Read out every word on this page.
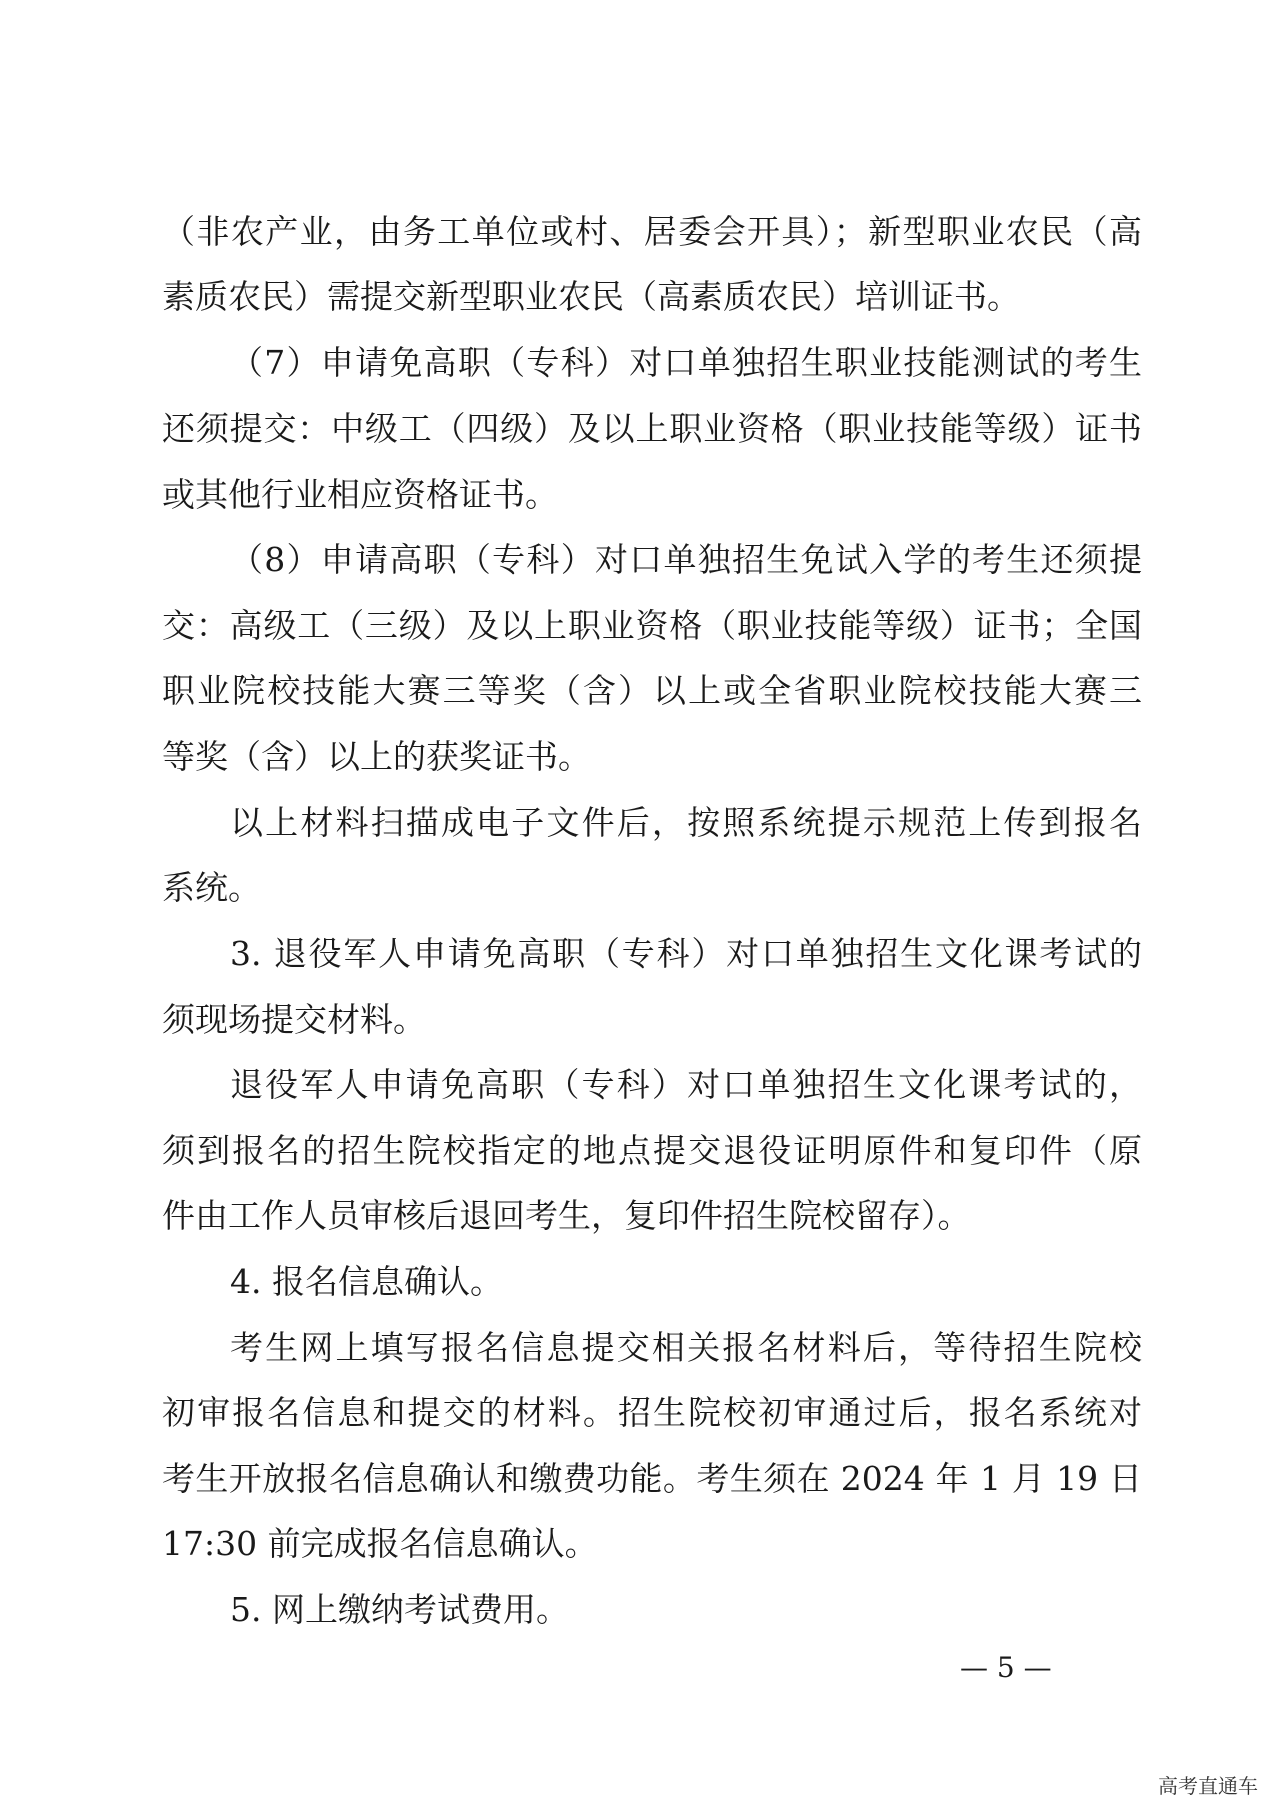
（非农产业，由务工单位或村、居委会开具）；新型职业农民（高
素质农民）需提交新型职业农民（高素质农民）培训证书。
（7）申请免高职（专科）对口单独招生职业技能测试的考生
还须提交：中级工（四级）及以上职业资格（职业技能等级）证书
或其他行业相应资格证书。
（8）申请高职（专科）对口单独招生免试入学的考生还须提
交：高级工（三级）及以上职业资格（职业技能等级）证书；全国
职业院校技能大赛三等奖（含）以上或全省职业院校技能大赛三
等奖（含）以上的获奖证书。
以上材料扫描成电子文件后，按照系统提示规范上传到报名
系统。
3. 退役军人申请免高职（专科）对口单独招生文化课考试的
须现场提交材料。
退役军人申请免高职（专科）对口单独招生文化课考试的，
须到报名的招生院校指定的地点提交退役证明原件和复印件（原
件由工作人员审核后退回考生，复印件招生院校留存）。
4. 报名信息确认。
考生网上填写报名信息提交相关报名材料后，等待招生院校
初审报名信息和提交的材料。招生院校初审通过后，报名系统对
考生开放报名信息确认和缴费功能。考生须在 2024 年 1 月 19 日
17:30 前完成报名信息确认。
5. 网上缴纳考试费用。
— 5 —
高考直通车
